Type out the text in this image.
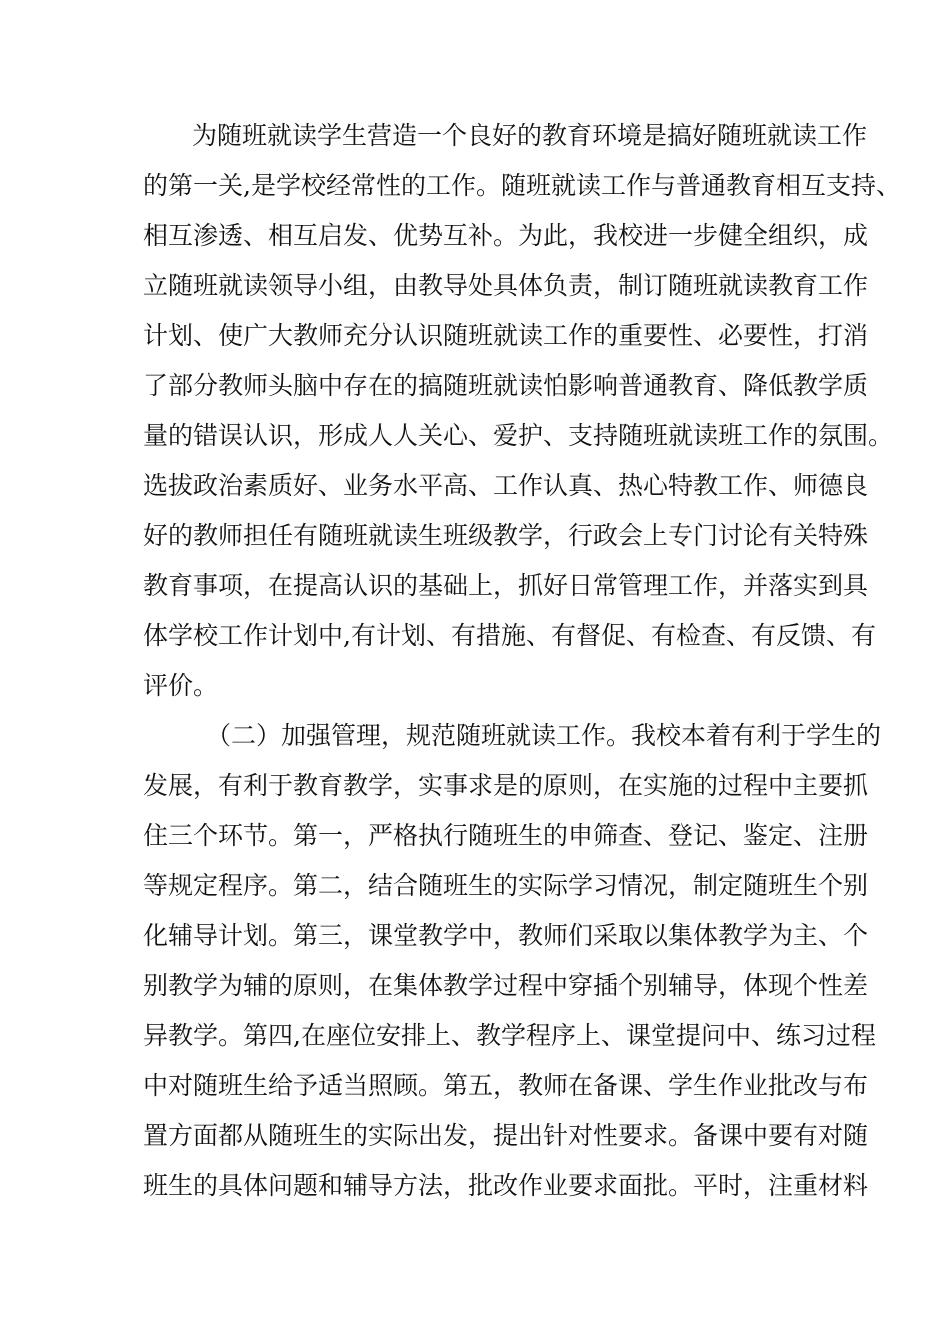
为随班就读学生营造一个良好的教育环境是搞好随班就读工作
的第一关,是学校经常性的工作。随班就读工作与普通教育相互支持、
相互渗透、相互启发、优势互补。为此，我校进一步健全组织，成
立随班就读领导小组，由教导处具体负责，制订随班就读教育工作
计划、使广大教师充分认识随班就读工作的重要性、必要性，打消
了部分教师头脑中存在的搞随班就读怕影响普通教育、降低教学质
量的错误认识，形成人人关心、爱护、支持随班就读班工作的氛围。
选拔政治素质好、业务水平高、工作认真、热心特教工作、师德良
好的教师担任有随班就读生班级教学，行政会上专门讨论有关特殊
教育事项，在提高认识的基础上，抓好日常管理工作，并落实到具
体学校工作计划中,有计划、有措施、有督促、有检查、有反馈、有
评价。
（二）加强管理，规范随班就读工作。我校本着有利于学生的
发展，有利于教育教学，实事求是的原则，在实施的过程中主要抓
住三个环节。第一，严格执行随班生的申筛查、登记、鉴定、注册
等规定程序。第二，结合随班生的实际学习情况，制定随班生个别
化辅导计划。第三，课堂教学中，教师们采取以集体教学为主、个
别教学为辅的原则，在集体教学过程中穿插个别辅导，体现个性差
异教学。第四,在座位安排上、教学程序上、课堂提问中、练习过程
中对随班生给予适当照顾。第五，教师在备课、学生作业批改与布
置方面都从随班生的实际出发，提出针对性要求。备课中要有对随
班生的具体问题和辅导方法，批改作业要求面批。平时，注重材料
